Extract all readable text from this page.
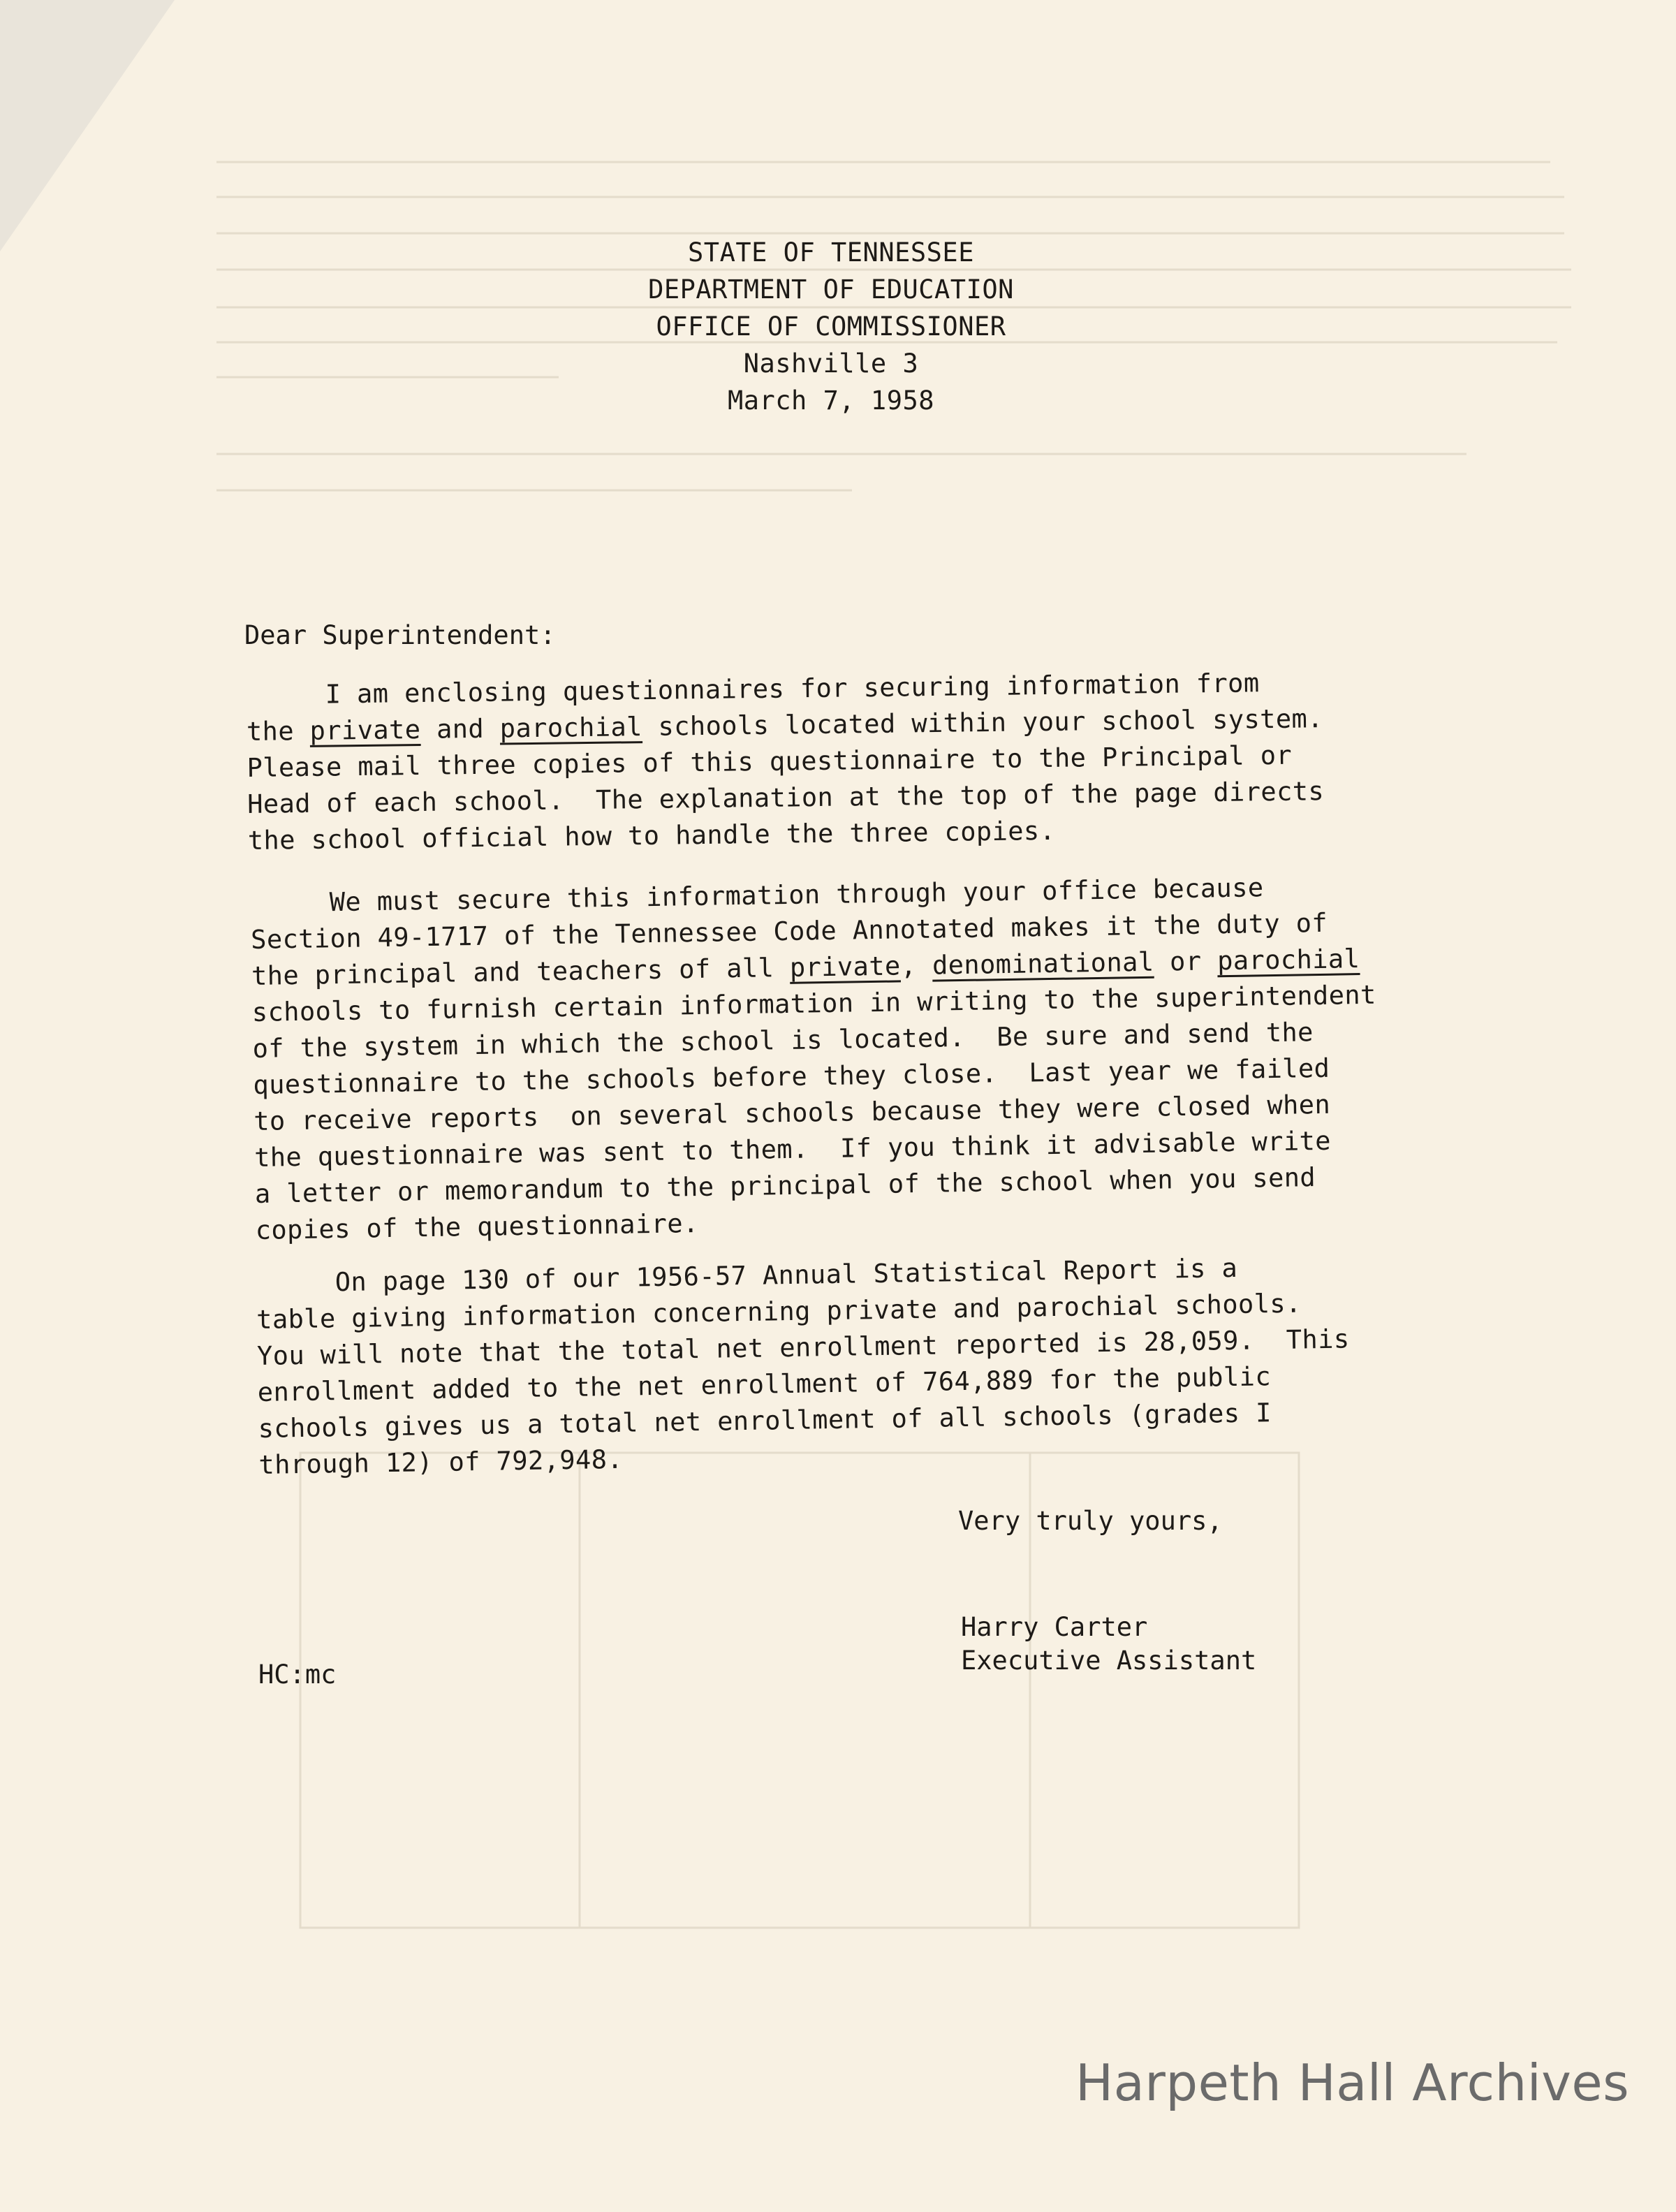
STATE OF TENNESSEE
DEPARTMENT OF EDUCATION
OFFICE OF COMMISSIONER
Nashville 3
March 7, 1958
Dear Superintendent:
I am enclosing questionnaires for securing information from
the private and parochial schools located within your school system.
Please mail three copies of this questionnaire to the Principal or
Head of each school.  The explanation at the top of the page directs
the school official how to handle the three copies.
We must secure this information through your office because
Section 49-1717 of the Tennessee Code Annotated makes it the duty of
the principal and teachers of all private, denominational or parochial
schools to furnish certain information in writing to the superintendent
of the system in which the school is located.  Be sure and send the
questionnaire to the schools before they close.  Last year we failed
to receive reports  on several schools because they were closed when
the questionnaire was sent to them.  If you think it advisable write
a letter or memorandum to the principal of the school when you send
copies of the questionnaire.
On page 130 of our 1956-57 Annual Statistical Report is a
table giving information concerning private and parochial schools.
You will note that the total net enrollment reported is 28,059.  This
enrollment added to the net enrollment of 764,889 for the public
schools gives us a total net enrollment of all schools (grades I
through 12) of 792,948.
Very truly yours,
Harry Carter
Executive Assistant
HC:mc
Harpeth Hall Archives
